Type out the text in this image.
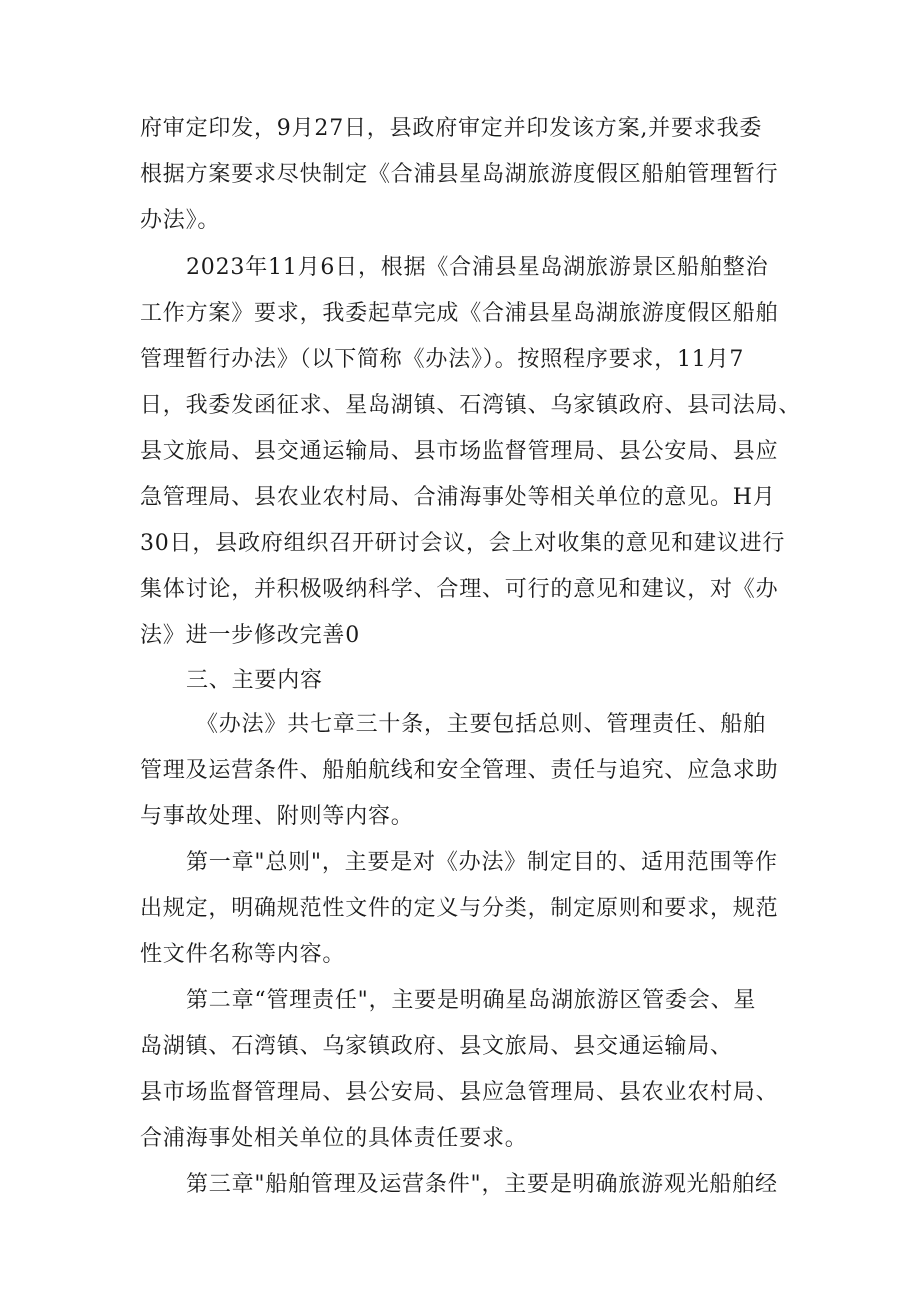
府审定印发，9月27日，县政府审定并印发该方案,并要求我委

根据方案要求尽快制定《合浦县星岛湖旅游度假区船舶管理暂行

办法》。

2023年11月6日，根据《合浦县星岛湖旅游景区船舶整治

工作方案》要求，我委起草完成《合浦县星岛湖旅游度假区船舶

管理暂行办法》（以下简称《办法》）。按照程序要求，11月7

日，我委发函征求、星岛湖镇、石湾镇、乌家镇政府、县司法局、

县文旅局、县交通运输局、县市场监督管理局、县公安局、县应

急管理局、县农业农村局、合浦海事处等相关单位的意见。H月

30日，县政府组织召开研讨会议，会上对收集的意见和建议进行

集体讨论，并积极吸纳科学、合理、可行的意见和建议，对《办

法》进一步修改完善0

三、主要内容

《办法》共七章三十条，主要包括总则、管理责任、船舶

管理及运营条件、船舶航线和安全管理、责任与追究、应急求助

与事故处理、附则等内容。

第一章"总则"，主要是对《办法》制定目的、适用范围等作

出规定，明确规范性文件的定义与分类，制定原则和要求，规范

性文件名称等内容。

第二章“管理责任"，主要是明确星岛湖旅游区管委会、星

岛湖镇、石湾镇、乌家镇政府、县文旅局、县交通运输局、

县市场监督管理局、县公安局、县应急管理局、县农业农村局、

合浦海事处相关单位的具体责任要求。

第三章"船舶管理及运营条件"，主要是明确旅游观光船舶经
